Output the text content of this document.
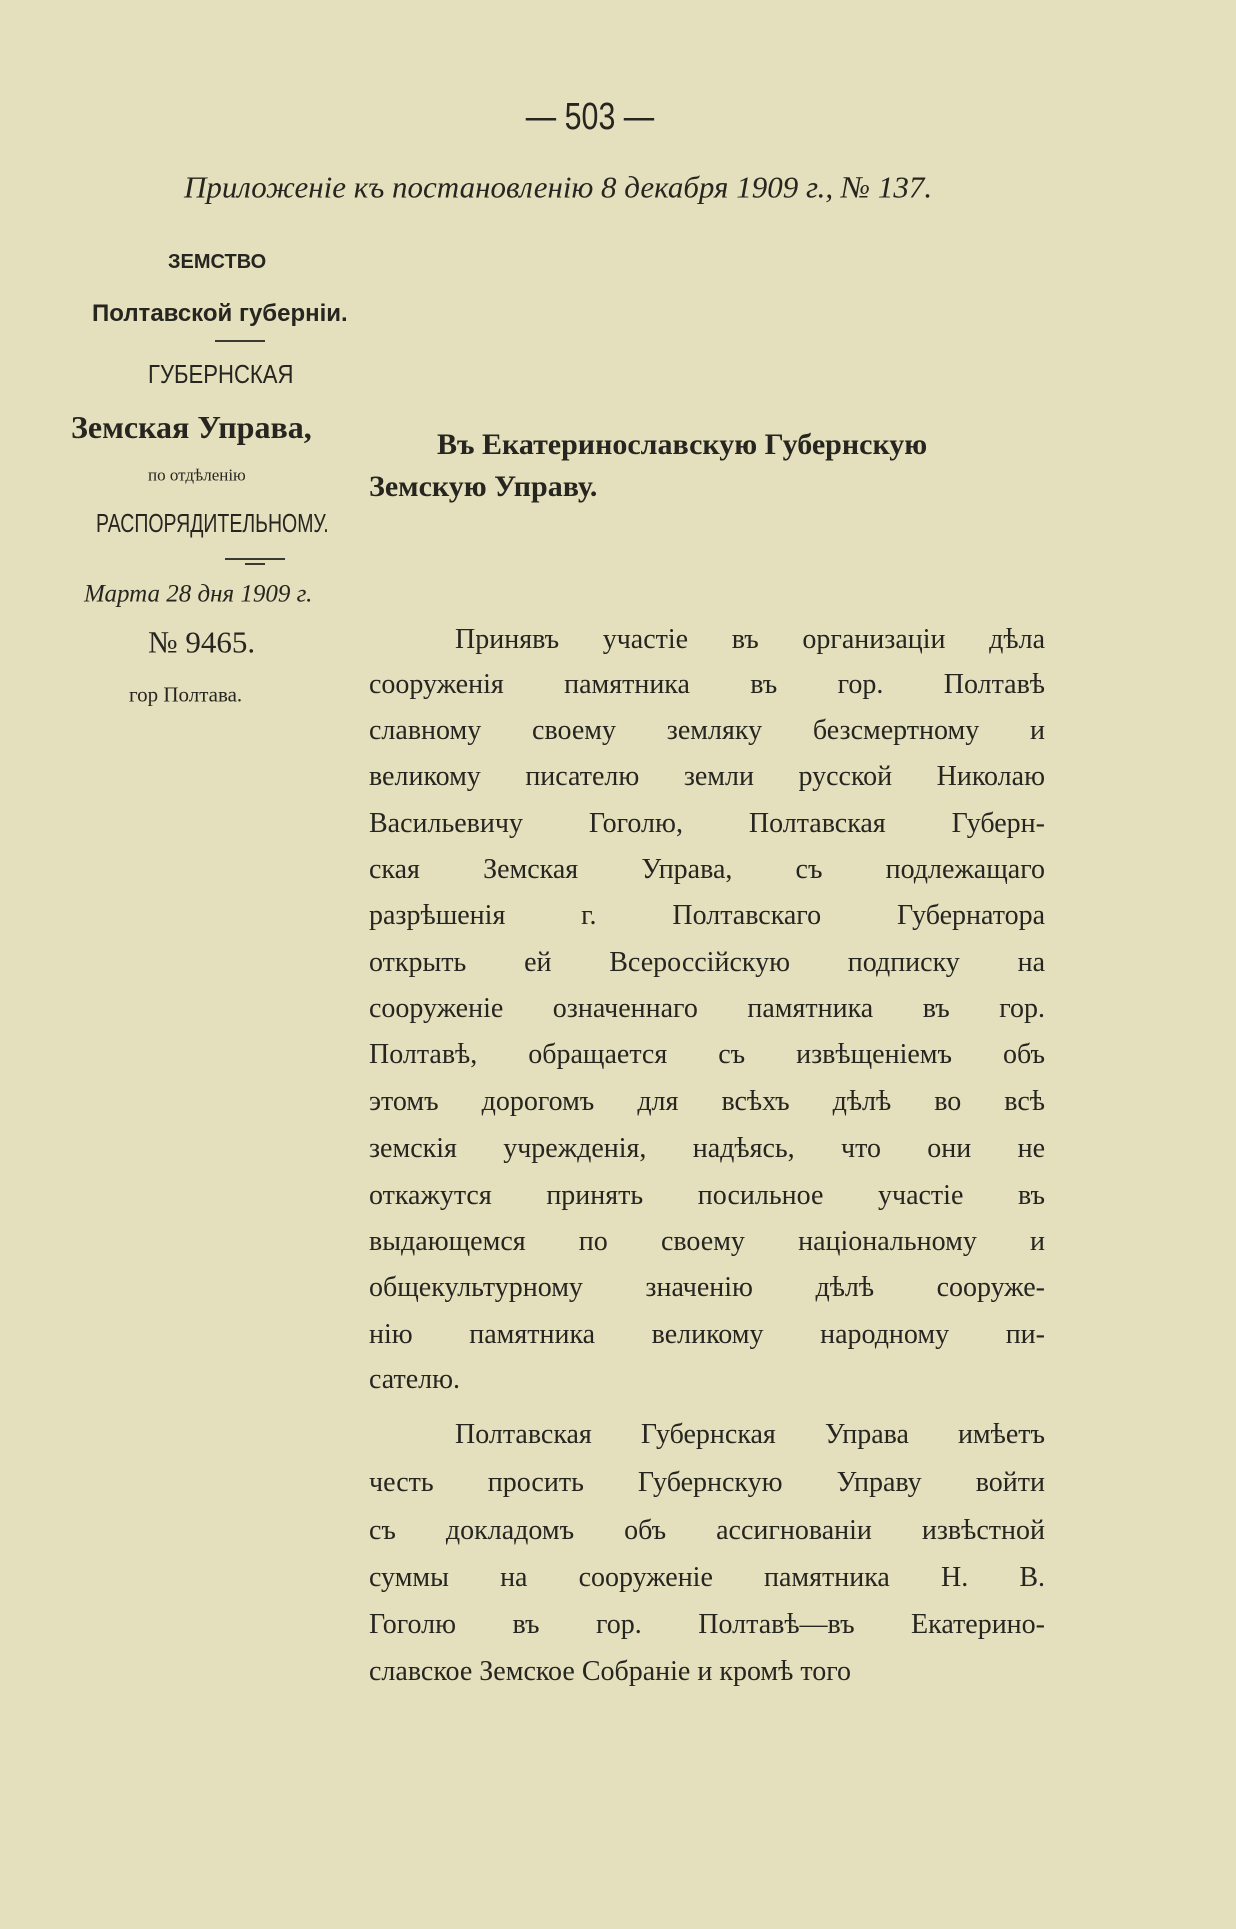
— 503 —
Приложеніе къ постановленію 8 декабря 1909 г., № 137.
ЗЕМСТВО
Полтавской губерніи.
ГУБЕРНСКАЯ
Земская Управа,
по отдѣленію
РАСПОРЯДИТЕЛЬНОМУ.
Марта 28 дня 1909 г.
№ 9465.
гор Полтава.
Въ Екатеринославскую Губернскую
Земскую Управу.
Принявъ участіе въ организаціи дѣла
сооруженія памятника въ гор. Полтавѣ
славному своему земляку безсмертному и
великому писателю земли русской Николаю
Васильевичу Гоголю, Полтавская Губерн-
ская Земская Управа, съ подлежащаго
разрѣшенія г. Полтавскаго Губернатора
открыть ей Всероссійскую подписку на
сооруженіе означеннаго памятника въ гор.
Полтавѣ, обращается съ извѣщеніемъ объ
этомъ дорогомъ для всѣхъ дѣлѣ во всѣ
земскія учрежденія, надѣясь, что они не
откажутся принять посильное участіе въ
выдающемся по своему національному и
общекультурному значенію дѣлѣ сооруже-
нію памятника великому народному пи-
сателю.
Полтавская Губернская Управа имѣетъ
честь просить Губернскую Управу войти
съ докладомъ объ ассигнованіи извѣстной
суммы на сооруженіе памятника Н. В.
Гоголю въ гор. Полтавѣ—въ Екатерино-
славское Земское Собраніе и кромѣ того
